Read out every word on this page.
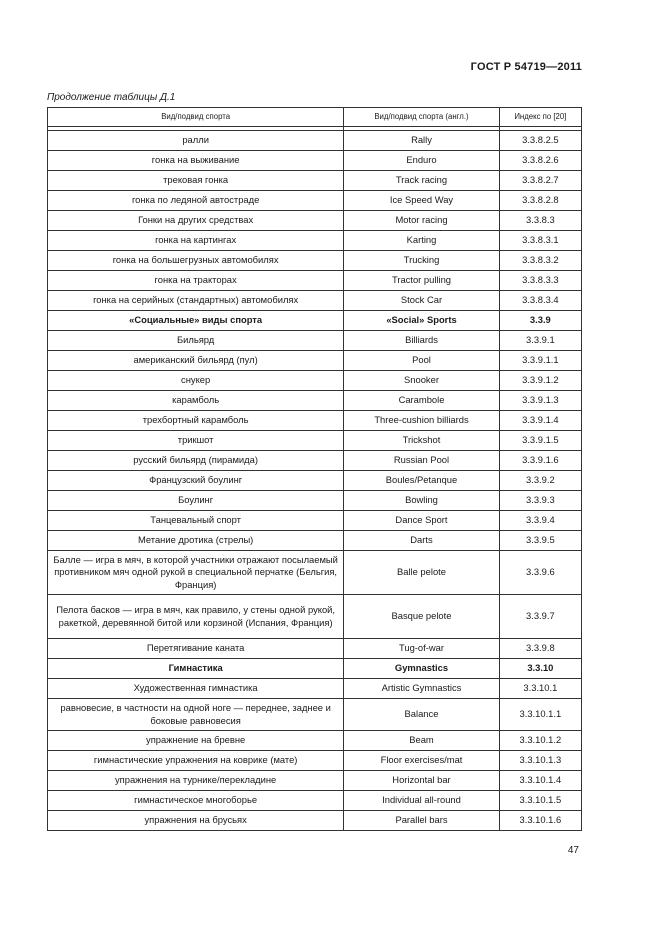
ГОСТ Р 54719—2011
Продолжение таблицы Д.1
Вид/подвид спорта	Вид/подвид спорта (англ.)	Индекс по [20]

ралли	Rally	3.3.8.2.5
гонка на выживание	Enduro	3.3.8.2.6
трековая гонка	Track racing	3.3.8.2.7
гонка по ледяной автостраде	Ice Speed Way	3.3.8.2.8
Гонки на других средствах	Motor racing	3.3.8.3
гонка на картингах	Karting	3.3.8.3.1
гонка на большегрузных автомобилях	Trucking	3.3.8.3.2
гонка на тракторах	Tractor pulling	3.3.8.3.3
гонка на серийных (стандартных) автомобилях	Stock Car	3.3.8.3.4
«Социальные» виды спорта	«Social» Sports	3.3.9
Бильярд	Billiards	3.3.9.1
американский бильярд (пул)	Pool	3.3.9.1.1
снукер	Snooker	3.3.9.1.2
карамболь	Carambole	3.3.9.1.3
трехбортный карамболь	Three-cushion billiards	3.3.9.1.4
трикшот	Trickshot	3.3.9.1.5
русский бильярд (пирамида)	Russian Pool	3.3.9.1.6
Французский боулинг	Boules/Petanque	3.3.9.2
Боулинг	Bowling	3.3.9.3
Танцевальный спорт	Dance Sport	3.3.9.4
Метание дротика (стрелы)	Darts	3.3.9.5
Балле — игра в мяч, в которой участники отражают посылаемый противником мяч одной рукой в специальной перчатке (Бельгия, Франция)	Balle pelote	3.3.9.6
Пелота басков — игра в мяч, как правило, у стены одной рукой, ракеткой, деревянной битой или корзиной (Испания, Франция)	Basque pelote	3.3.9.7
Перетягивание каната	Tug-of-war	3.3.9.8
Гимнастика	Gymnastics	3.3.10
Художественная гимнастика	Artistic Gymnastics	3.3.10.1
равновесие, в частности на одной ноге — переднее, заднее и боковые равновесия	Balance	3.3.10.1.1
упражнение на бревне	Beam	3.3.10.1.2
гимнастические упражнения на коврике (мате)	Floor exercises/mat	3.3.10.1.3
упражнения на турнике/перекладине	Horizontal bar	3.3.10.1.4
гимнастическое многоборье	Individual all-round	3.3.10.1.5
упражнения на брусьях	Parallel bars	3.3.10.1.6
47
